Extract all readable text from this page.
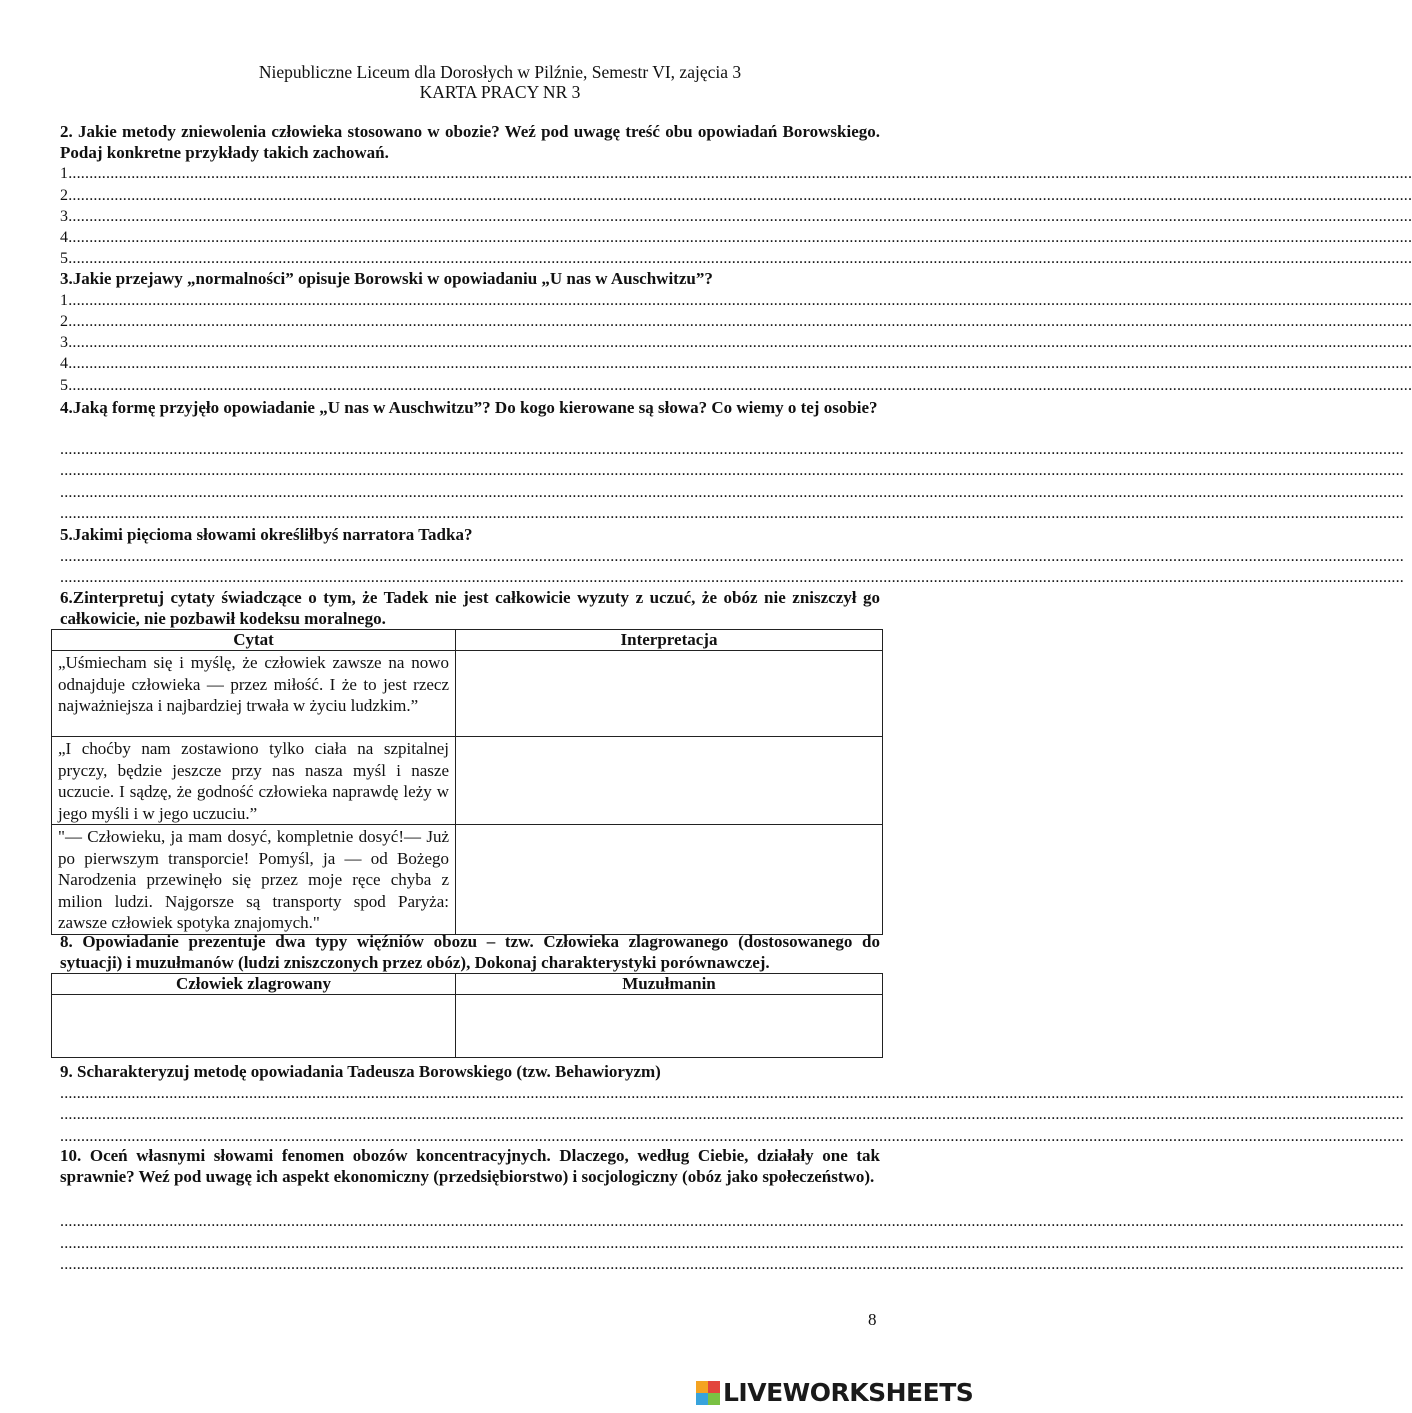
Niepubliczne Liceum dla Dorosłych w Pilźnie, Semestr VI, zajęcia 3
KARTA PRACY NR 3
2. Jakie metody zniewolenia człowieka stosowano w obozie? Weź pod uwagę treść obu opowiadań Borowskiego. Podaj konkretne przykłady takich zachowań.
1................................................................................................................................................................................................................................................................................................................................
2................................................................................................................................................................................................................................................................................................................................
3................................................................................................................................................................................................................................................................................................................................
4................................................................................................................................................................................................................................................................................................................................
5................................................................................................................................................................................................................................................................................................................................
3.Jakie przejawy „normalności” opisuje Borowski w opowiadaniu „U nas w Auschwitzu”?
1................................................................................................................................................................................................................................................................................................................................
2................................................................................................................................................................................................................................................................................................................................
3................................................................................................................................................................................................................................................................................................................................
4................................................................................................................................................................................................................................................................................................................................
5................................................................................................................................................................................................................................................................................................................................
4.Jaką formę przyjęło opowiadanie „U nas w Auschwitzu”? Do kogo kierowane są słowa? Co wiemy o tej osobie?
................................................................................................................................................................................................................................................................................................................................
................................................................................................................................................................................................................................................................................................................................
................................................................................................................................................................................................................................................................................................................................
................................................................................................................................................................................................................................................................................................................................
5.Jakimi pięcioma słowami określiłbyś narratora Tadka?
................................................................................................................................................................................................................................................................................................................................
................................................................................................................................................................................................................................................................................................................................
6.Zinterpretuj cytaty świadczące o tym, że Tadek nie jest całkowicie wyzuty z uczuć, że obóz nie zniszczył go całkowicie, nie pozbawił kodeksu moralnego.
Cytat	Interpretacja
„Uśmiecham się i myślę, że człowiek zawsze na nowo odnajduje człowieka — przez miłość. I że to jest rzecz najważniejsza i najbardziej trwała w życiu ludzkim.”	
„I choćby nam zostawiono tylko ciała na szpitalnej pryczy, będzie jeszcze przy nas nasza myśl i nasze uczucie. I sądzę, że godność człowieka naprawdę leży w jego myśli i w jego uczuciu.”	
"— Człowieku, ja mam dosyć, kompletnie dosyć!— Już po pierwszym transporcie! Pomyśl, ja — od Bożego Narodzenia przewinęło się przez moje ręce chyba z milion ludzi. Najgorsze są transporty spod Paryża: zawsze człowiek spotyka znajomych."	
8. Opowiadanie prezentuje dwa typy więźniów obozu – tzw. Człowieka zlagrowanego (dostosowanego do sytuacji) i muzułmanów (ludzi zniszczonych przez obóz), Dokonaj charakterystyki porównawczej.
Człowiek zlagrowany	Muzułmanin

9. Scharakteryzuj metodę opowiadania Tadeusza Borowskiego (tzw. Behawioryzm)
................................................................................................................................................................................................................................................................................................................................
................................................................................................................................................................................................................................................................................................................................
................................................................................................................................................................................................................................................................................................................................
10. Oceń własnymi słowami fenomen obozów koncentracyjnych. Dlaczego, według Ciebie, działały one tak sprawnie? Weź pod uwagę ich aspekt ekonomiczny (przedsiębiorstwo) i socjologiczny (obóz jako społeczeństwo).
................................................................................................................................................................................................................................................................................................................................
................................................................................................................................................................................................................................................................................................................................
................................................................................................................................................................................................................................................................................................................................
8
LIVEWORKSHEETS
